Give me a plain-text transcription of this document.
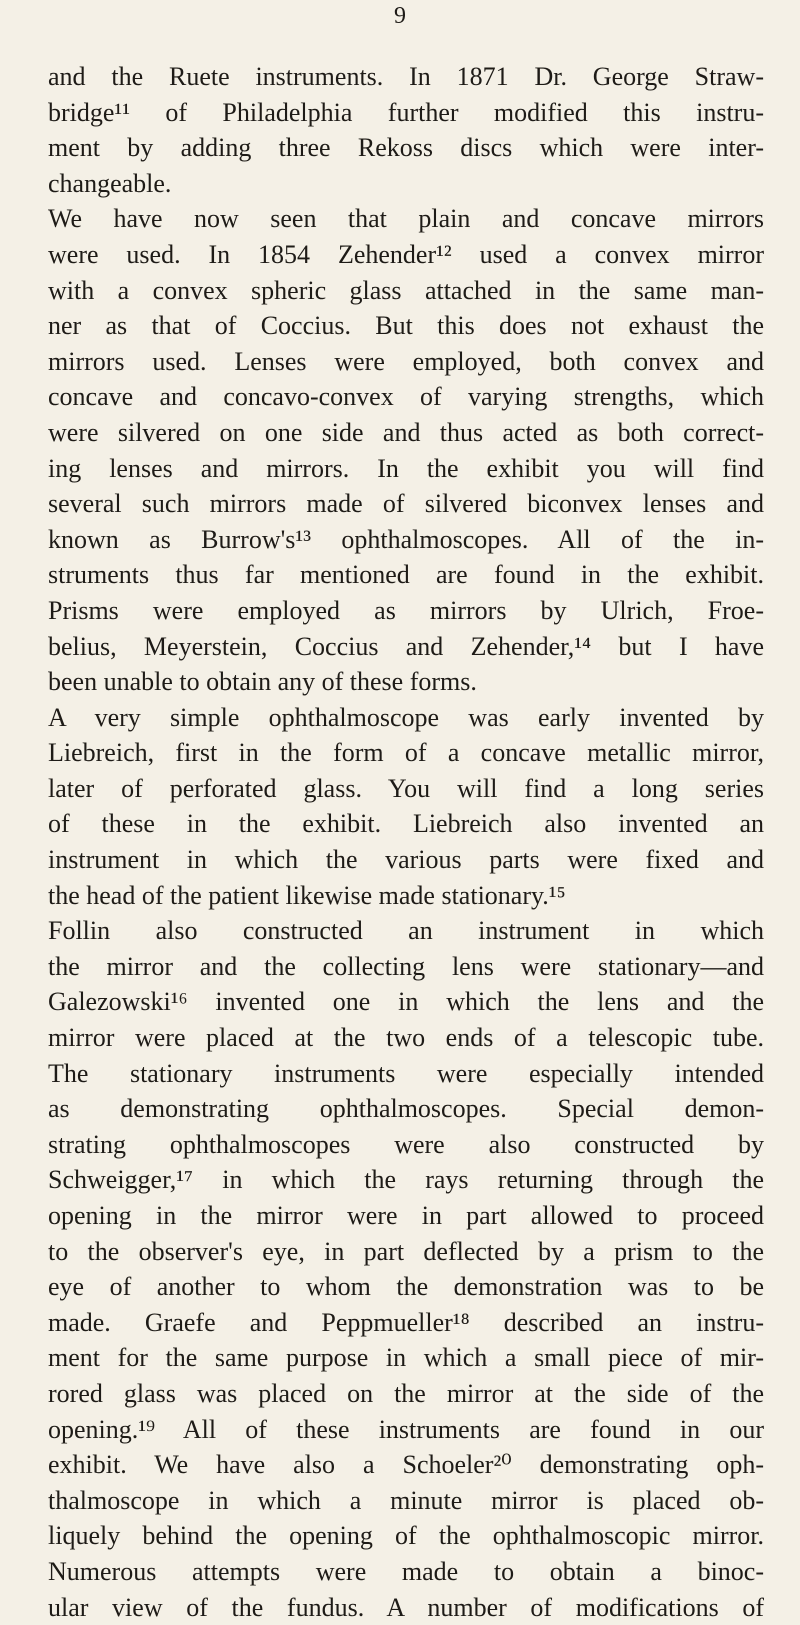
9
and the Ruete instruments. In 1871 Dr. George Straw-
bridge¹¹ of Philadelphia further modified this instru-
ment by adding three Rekoss discs which were inter-
changeable.
We have now seen that plain and concave mirrors
were used. In 1854 Zehender¹² used a convex mirror
with a convex spheric glass attached in the same man-
ner as that of Coccius. But this does not exhaust the
mirrors used. Lenses were employed, both convex and
concave and concavo-convex of varying strengths, which
were silvered on one side and thus acted as both correct-
ing lenses and mirrors. In the exhibit you will find
several such mirrors made of silvered biconvex lenses and
known as Burrow's¹³ ophthalmoscopes. All of the in-
struments thus far mentioned are found in the exhibit.
Prisms were employed as mirrors by Ulrich, Froe-
belius, Meyerstein, Coccius and Zehender,¹⁴ but I have
been unable to obtain any of these forms.
A very simple ophthalmoscope was early invented by
Liebreich, first in the form of a concave metallic mirror,
later of perforated glass. You will find a long series
of these in the exhibit. Liebreich also invented an
instrument in which the various parts were fixed and
the head of the patient likewise made stationary.¹⁵
Follin also constructed an instrument in which
the mirror and the collecting lens were stationary—and
Galezowski¹⁶ invented one in which the lens and the
mirror were placed at the two ends of a telescopic tube.
The stationary instruments were especially intended
as demonstrating ophthalmoscopes. Special demon-
strating ophthalmoscopes were also constructed by
Schweigger,¹⁷ in which the rays returning through the
opening in the mirror were in part allowed to proceed
to the observer's eye, in part deflected by a prism to the
eye of another to whom the demonstration was to be
made. Graefe and Peppmueller¹⁸ described an instru-
ment for the same purpose in which a small piece of mir-
rored glass was placed on the mirror at the side of the
opening.¹⁹ All of these instruments are found in our
exhibit. We have also a Schoeler²⁰ demonstrating oph-
thalmoscope in which a minute mirror is placed ob-
liquely behind the opening of the ophthalmoscopic mirror.
Numerous attempts were made to obtain a binoc-
ular view of the fundus. A number of modifications of
